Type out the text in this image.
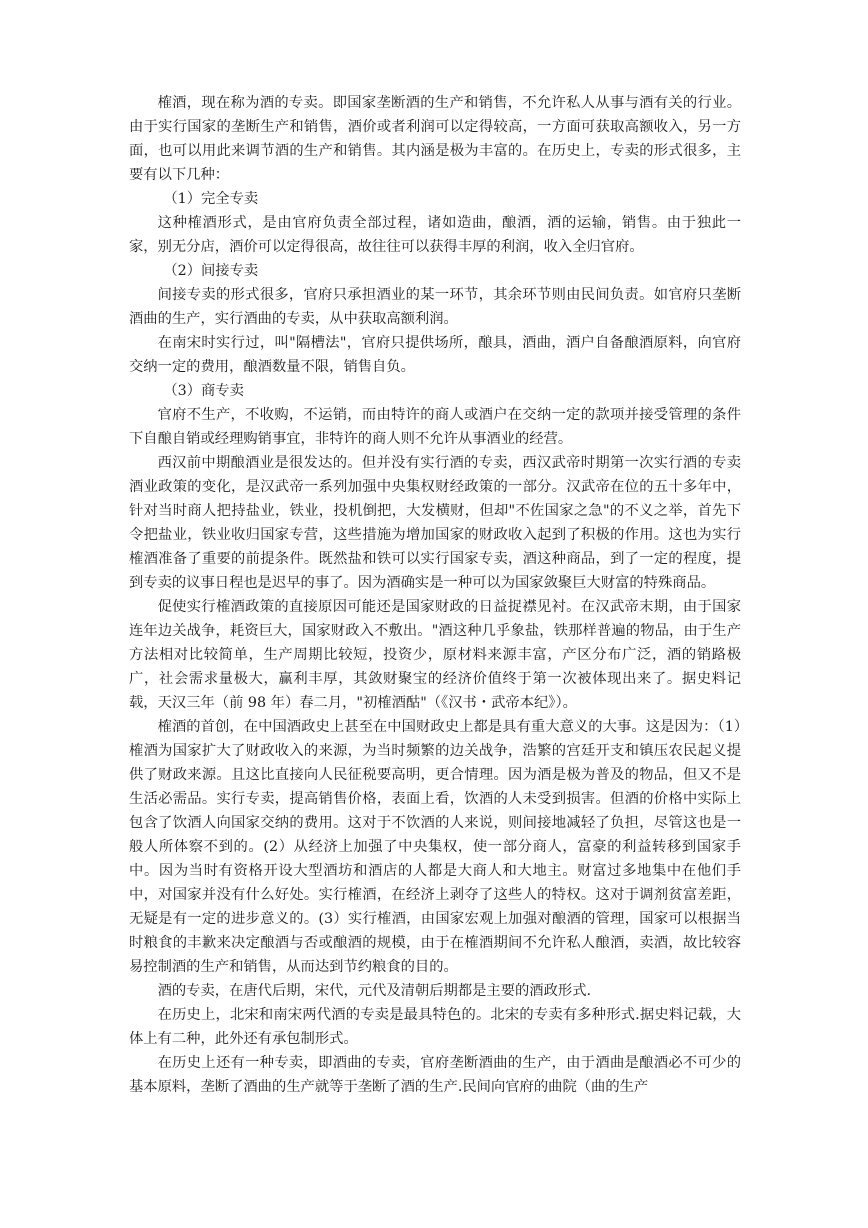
榷酒，现在称为酒的专卖。即国家垄断酒的生产和销售，不允许私人从事与酒有关的行业。由于实行国家的垄断生产和销售，酒价或者利润可以定得较高，一方面可获取高额收入，另一方面，也可以用此来调节酒的生产和销售。其内涵是极为丰富的。在历史上，专卖的形式很多，主要有以下几种：

（1）完全专卖

这种榷酒形式，是由官府负责全部过程，诸如造曲，酿酒，酒的运输，销售。由于独此一家，别无分店，酒价可以定得很高，故往往可以获得丰厚的利润，收入全归官府。

（2）间接专卖

间接专卖的形式很多，官府只承担酒业的某一环节，其余环节则由民间负责。如官府只垄断酒曲的生产，实行酒曲的专卖，从中获取高额利润。

在南宋时实行过，叫"隔槽法"，官府只提供场所，酿具，酒曲，酒户自备酿酒原料，向官府交纳一定的费用，酿酒数量不限，销售自负。

（3）商专卖

官府不生产，不收购，不运销，而由特许的商人或酒户在交纳一定的款项并接受管理的条件下自酿自销或经理购销事宜，非特许的商人则不允许从事酒业的经营。

西汉前中期酿酒业是很发达的。但并没有实行酒的专卖，西汉武帝时期第一次实行酒的专卖酒业政策的变化，是汉武帝一系列加强中央集权财经政策的一部分。汉武帝在位的五十多年中，针对当时商人把持盐业，铁业，投机倒把，大发横财，但却"不佐国家之急"的不义之举，首先下令把盐业，铁业收归国家专营，这些措施为增加国家的财政收入起到了积极的作用。这也为实行榷酒准备了重要的前提条件。既然盐和铁可以实行国家专卖，酒这种商品，到了一定的程度，提到专卖的议事日程也是迟早的事了。因为酒确实是一种可以为国家敛聚巨大财富的特殊商品。

促使实行榷酒政策的直接原因可能还是国家财政的日益捉襟见衬。在汉武帝末期，由于国家连年边关战争，耗资巨大，国家财政入不敷出。"酒这种几乎象盐，铁那样普遍的物品，由于生产方法相对比较简单，生产周期比较短，投资少，原材料来源丰富，产区分布广泛，酒的销路极广，社会需求量极大，赢利丰厚，其敛财聚宝的经济价值终于第一次被体现出来了。据史料记载，天汉三年（前 98 年）春二月，"初榷酒酤"（《汉书・武帝本纪》）。

榷酒的首创，在中国酒政史上甚至在中国财政史上都是具有重大意义的大事。这是因为：（1）榷酒为国家扩大了财政收入的来源，为当时频繁的边关战争，浩繁的宫廷开支和镇压农民起义提供了财政来源。且这比直接向人民征税要高明，更合情理。因为酒是极为普及的物品，但又不是生活必需品。实行专卖，提高销售价格，表面上看，饮酒的人未受到损害。但酒的价格中实际上包含了饮酒人向国家交纳的费用。这对于不饮酒的人来说，则间接地减轻了负担，尽管这也是一般人所体察不到的。(2）从经济上加强了中央集权，使一部分商人，富豪的利益转移到国家手中。因为当时有资格开设大型酒坊和酒店的人都是大商人和大地主。财富过多地集中在他们手中，对国家并没有什么好处。实行榷酒，在经济上剥夺了这些人的特权。这对于调剂贫富差距，无疑是有一定的进步意义的。(3）实行榷酒，由国家宏观上加强对酿酒的管理，国家可以根据当时粮食的丰歉来决定酿酒与否或酿酒的规模，由于在榷酒期间不允许私人酿酒，卖酒，故比较容易控制酒的生产和销售，从而达到节约粮食的目的。

酒的专卖，在唐代后期，宋代，元代及清朝后期都是主要的酒政形式.

在历史上，北宋和南宋两代酒的专卖是最具特色的。北宋的专卖有多种形式.据史料记载，大体上有二种，此外还有承包制形式。

在历史上还有一种专卖，即酒曲的专卖，官府垄断酒曲的生产，由于酒曲是酿酒必不可少的基本原料，垄断了酒曲的生产就等于垄断了酒的生产.民间向官府的曲院（曲的生产
